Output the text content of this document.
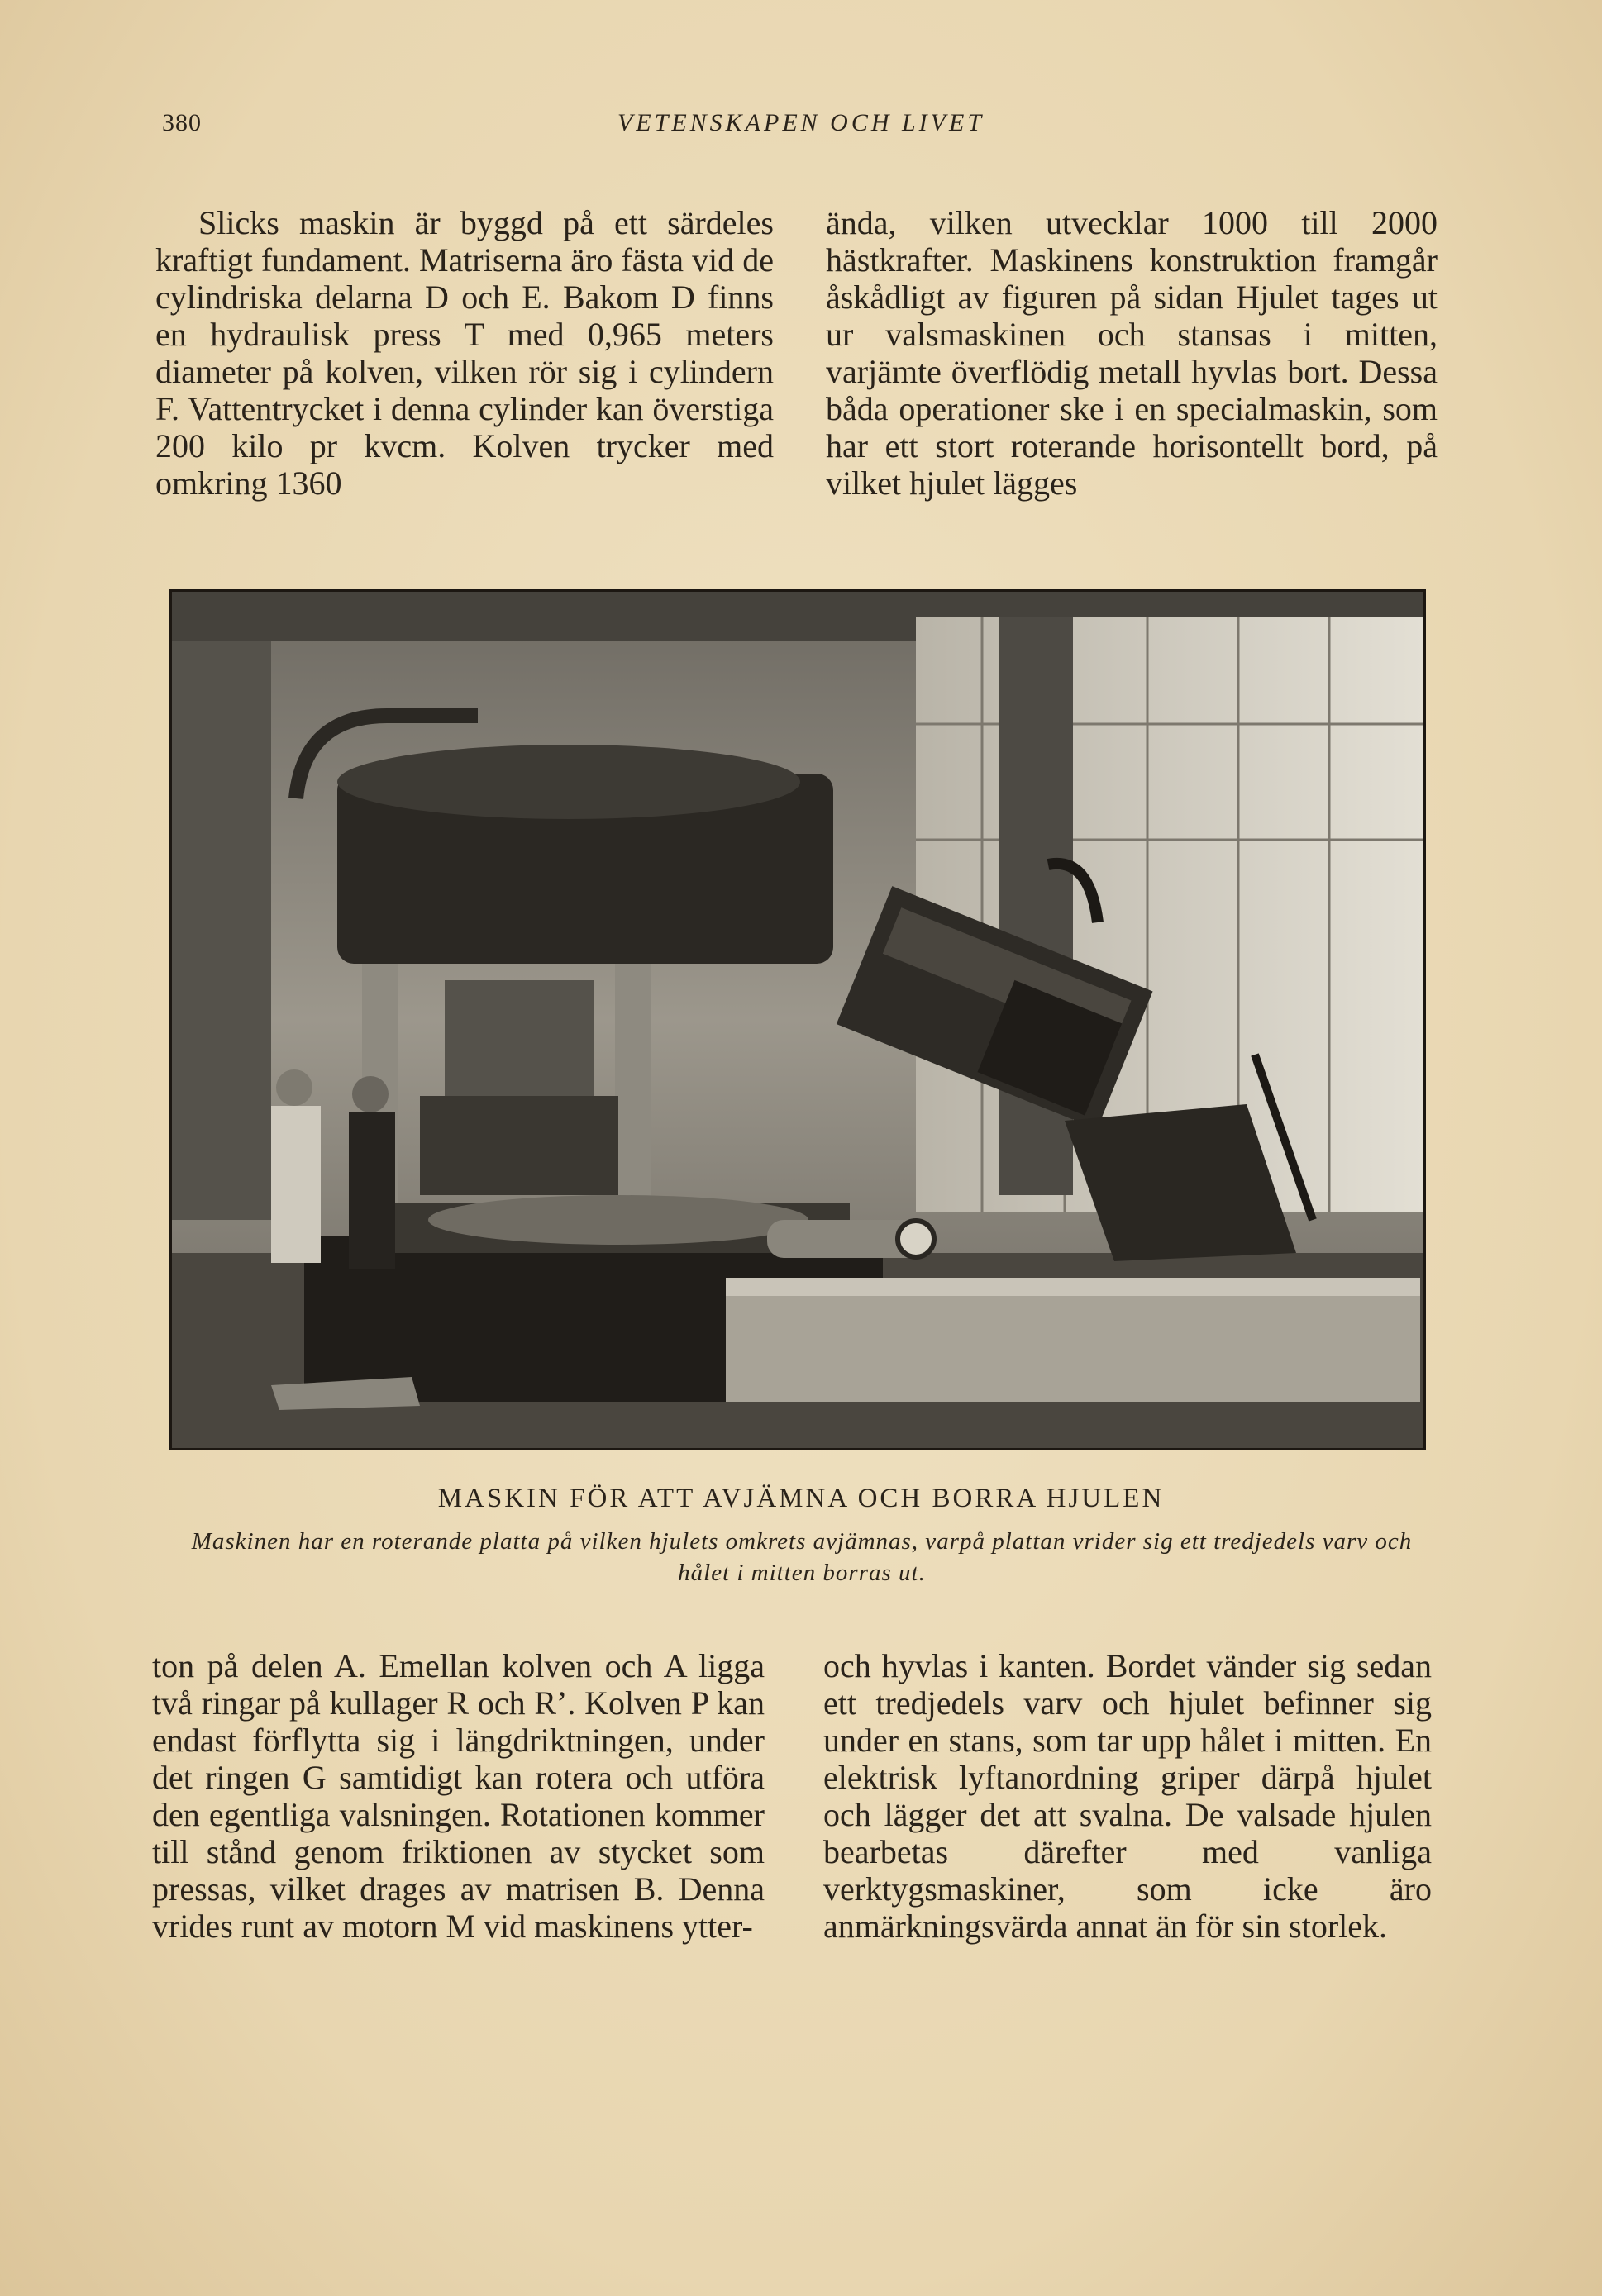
380	VETENSKAPEN OCH LIVET

Slicks maskin är byggd på ett särdeles kraftigt fundament. Matriserna äro fästa vid de cylindriska delarna D och E. Bakom D finns en hydraulisk press T med 0,965 meters diameter på kolven, vilken rör sig i cylindern F. Vattentrycket i denna cylinder kan överstiga 200 kilo pr kvcm. Kolven trycker med omkring 1360

ända, vilken utvecklar 1000 till 2000 hästkrafter. Maskinens konstruktion framgår åskådligt av figuren på sidan Hjulet tages ut ur valsmaskinen och stansas i mitten, varjämte överflödig metall hyvlas bort. Dessa båda operationer ske i en specialmaskin, som har ett stort roterande horisontellt bord, på vilket hjulet lägges

MASKIN FÖR ATT AVJÄMNA OCH BORRA HJULEN
Maskinen har en roterande platta på vilken hjulets omkrets avjämnas, varpå plattan vrider sig ett tredjedels varv och hålet i mitten borras ut.

ton på delen A. Emellan kolven och A ligga två ringar på kullager R och R’. Kolven P kan endast förflytta sig i längdriktningen, under det ringen G samtidigt kan rotera och utföra den egentliga valsningen. Rotationen kommer till stånd genom friktionen av stycket som pressas, vilket drages av matrisen B. Denna vrides runt av motorn M vid maskinens ytter-

och hyvlas i kanten. Bordet vänder sig sedan ett tredjedels varv och hjulet befinner sig under en stans, som tar upp hålet i mitten. En elektrisk lyftanordning griper därpå hjulet och lägger det att svalna. De valsade hjulen bearbetas därefter med vanliga verktygsmaskiner, som icke äro anmärkningsvärda annat än för sin storlek.
